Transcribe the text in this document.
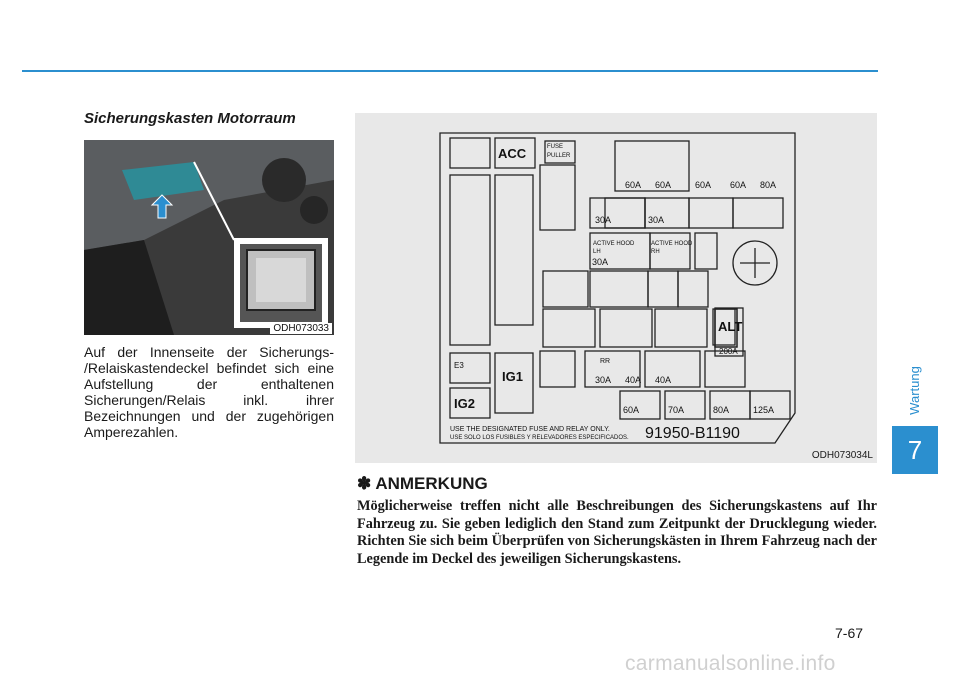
Sicherungskasten Motorraum
ODH073033

Auf der Innenseite der Sicherungs- /Relaiskastendeckel befindet sich eine Aufstellung der enthaltenen Sicherungen/Relais inkl. ihrer Bezeichnungen und der zugehörigen Amperezahlen.

ACC
IG1
IG2
E3
ALT
200A
FUSE
PULLER
30A
30A	30A
60A 60A	60A 60A 80A
60A	70A	80A	125A
30A 40A 40A
RR
ACTIVE HOOD
LH
ACTIVE HOOD
RH
USE THE DESIGNATED FUSE AND RELAY ONLY.
USE SOLO LOS FUSIBLES Y RELEVADORES ESPECIFICADOS. 91950-B1190
ODH073034L
✽ ANMERKUNG
Möglicherweise treffen nicht alle Beschreibungen des Sicherungskastens auf Ihr Fahrzeug zu. Sie geben lediglich den Stand zum Zeitpunkt der Drucklegung wieder. Richten Sie sich beim Überprüfen von Sicherungskästen in Ihrem Fahrzeug nach der Legende im Deckel des jeweiligen Sicherungskastens.
Wartung
7
7-67
carmanualsonline.info
